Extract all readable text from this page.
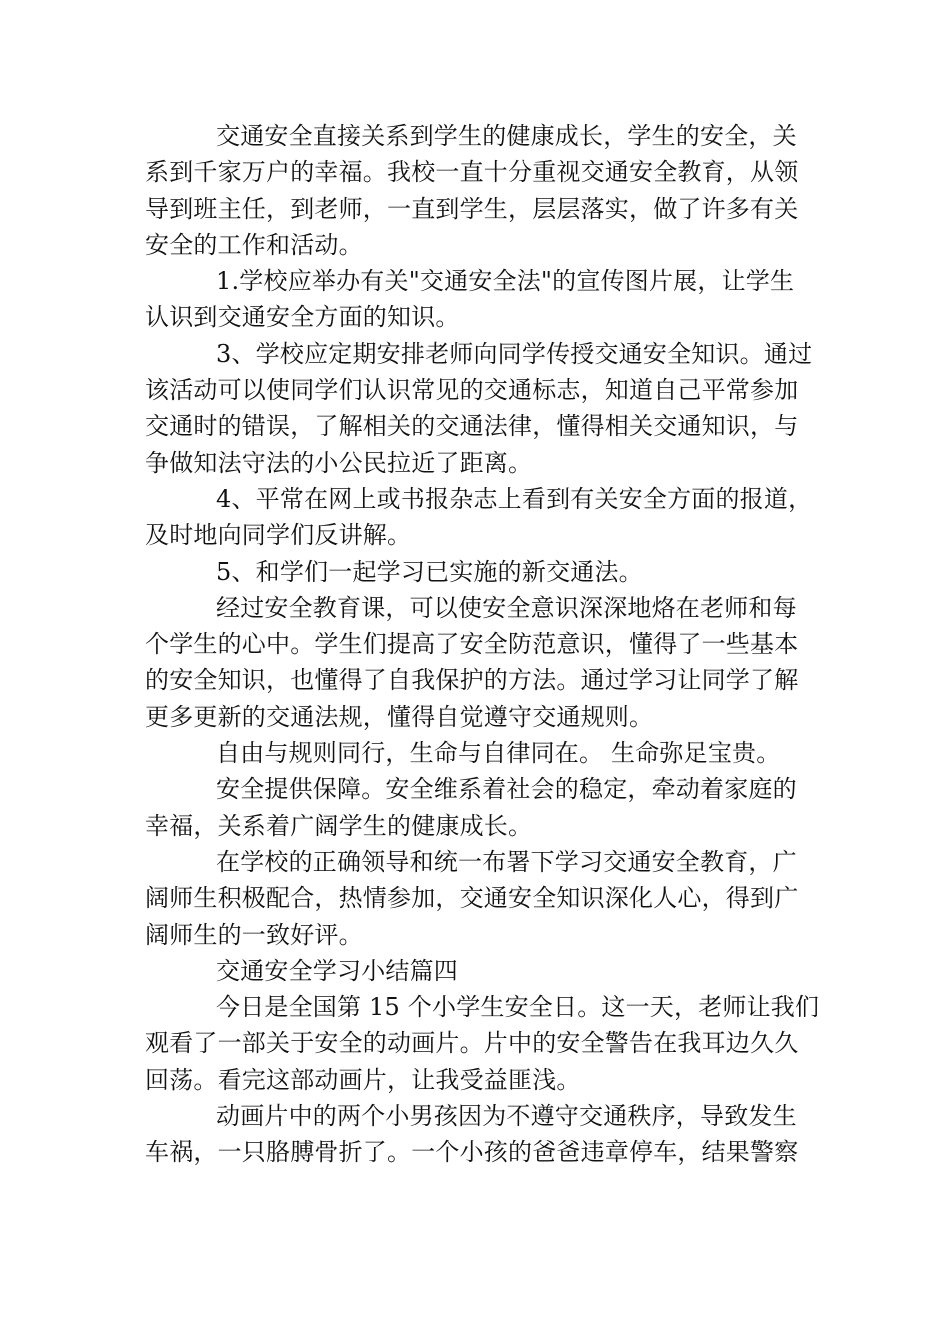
交通安全直接关系到学生的健康成长，学生的安全，关
系到千家万户的幸福。我校一直十分重视交通安全教育，从领
导到班主任，到老师，一直到学生，层层落实，做了许多有关
安全的工作和活动。
1.学校应举办有关"交通安全法"的宣传图片展，让学生
认识到交通安全方面的知识。
3、学校应定期安排老师向同学传授交通安全知识。通过
该活动可以使同学们认识常见的交通标志，知道自己平常参加
交通时的错误，了解相关的交通法律，懂得相关交通知识，与
争做知法守法的小公民拉近了距离。
4、平常在网上或书报杂志上看到有关安全方面的报道，
及时地向同学们反讲解。
5、和学们一起学习已实施的新交通法。
经过安全教育课，可以使安全意识深深地烙在老师和每
个学生的心中。学生们提高了安全防范意识，懂得了一些基本
的安全知识，也懂得了自我保护的方法。通过学习让同学了解
更多更新的交通法规，懂得自觉遵守交通规则。
自由与规则同行，生命与自律同在。 生命弥足宝贵。
安全提供保障。安全维系着社会的稳定，牵动着家庭的
幸福，关系着广阔学生的健康成长。
在学校的正确领导和统一布署下学习交通安全教育，广
阔师生积极配合，热情参加，交通安全知识深化人心，得到广
阔师生的一致好评。
交通安全学习小结篇四
今日是全国第 15 个小学生安全日。这一天，老师让我们
观看了一部关于安全的动画片。片中的安全警告在我耳边久久
回荡。看完这部动画片，让我受益匪浅。
动画片中的两个小男孩因为不遵守交通秩序，导致发生
车祸，一只胳膊骨折了。一个小孩的爸爸违章停车，结果警察
